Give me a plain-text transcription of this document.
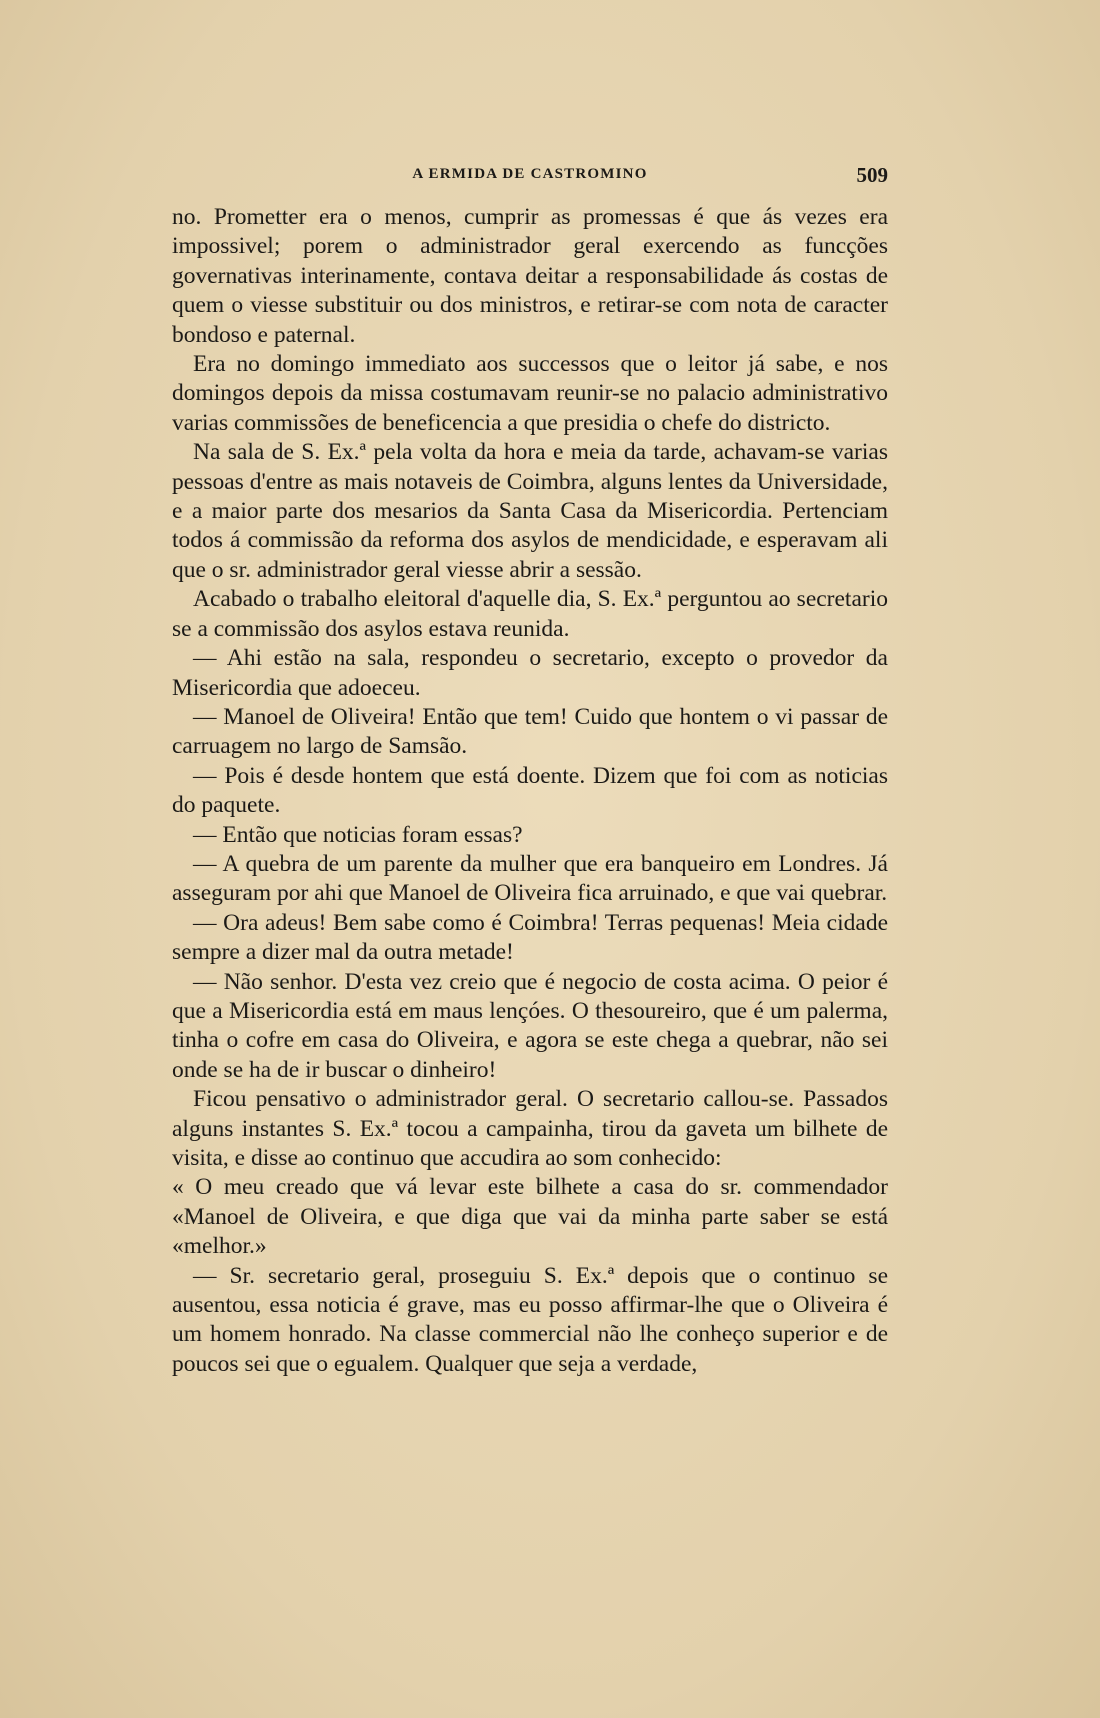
A ERMIDA DE CASTROMINO	509

no. Prometter era o menos, cumprir as promessas é que ás vezes era impossivel; porem o administrador geral exercendo as funcções governativas interinamente, contava deitar a responsabilidade ás costas de quem o viesse substituir ou dos ministros, e retirar-se com nota de caracter bondoso e paternal.

Era no domingo immediato aos successos que o leitor já sabe, e nos domingos depois da missa costumavam reunir-se no palacio administrativo varias commissões de beneficencia a que presidia o chefe do districto.

Na sala de S. Ex.ª pela volta da hora e meia da tarde, achavam-se varias pessoas d'entre as mais notaveis de Coimbra, alguns lentes da Universidade, e a maior parte dos mesarios da Santa Casa da Misericordia. Pertenciam todos á commissão da reforma dos asylos de mendicidade, e esperavam ali que o sr. administrador geral viesse abrir a sessão.

Acabado o trabalho eleitoral d'aquelle dia, S. Ex.ª perguntou ao secretario se a commissão dos asylos estava reunida.

— Ahi estão na sala, respondeu o secretario, excepto o provedor da Misericordia que adoeceu.

— Manoel de Oliveira! Então que tem! Cuido que hontem o vi passar de carruagem no largo de Samsão.

— Pois é desde hontem que está doente. Dizem que foi com as noticias do paquete.

— Então que noticias foram essas?

— A quebra de um parente da mulher que era banqueiro em Londres. Já asseguram por ahi que Manoel de Oliveira fica arruinado, e que vai quebrar.

— Ora adeus! Bem sabe como é Coimbra! Terras pequenas! Meia cidade sempre a dizer mal da outra metade!

— Não senhor. D'esta vez creio que é negocio de costa acima. O peior é que a Misericordia está em maus lençóes. O thesoureiro, que é um palerma, tinha o cofre em casa do Oliveira, e agora se este chega a quebrar, não sei onde se ha de ir buscar o dinheiro!

Ficou pensativo o administrador geral. O secretario callou-se. Passados alguns instantes S. Ex.ª tocou a campainha, tirou da gaveta um bilhete de visita, e disse ao continuo que accudira ao som conhecido:

« O meu creado que vá levar este bilhete a casa do sr. commendador «Manoel de Oliveira, e que diga que vai da minha parte saber se está «melhor.»

— Sr. secretario geral, proseguiu S. Ex.ª depois que o continuo se ausentou, essa noticia é grave, mas eu posso affirmar-lhe que o Oliveira é um homem honrado. Na classe commercial não lhe conheço superior e de poucos sei que o egualem. Qualquer que seja a verdade,
